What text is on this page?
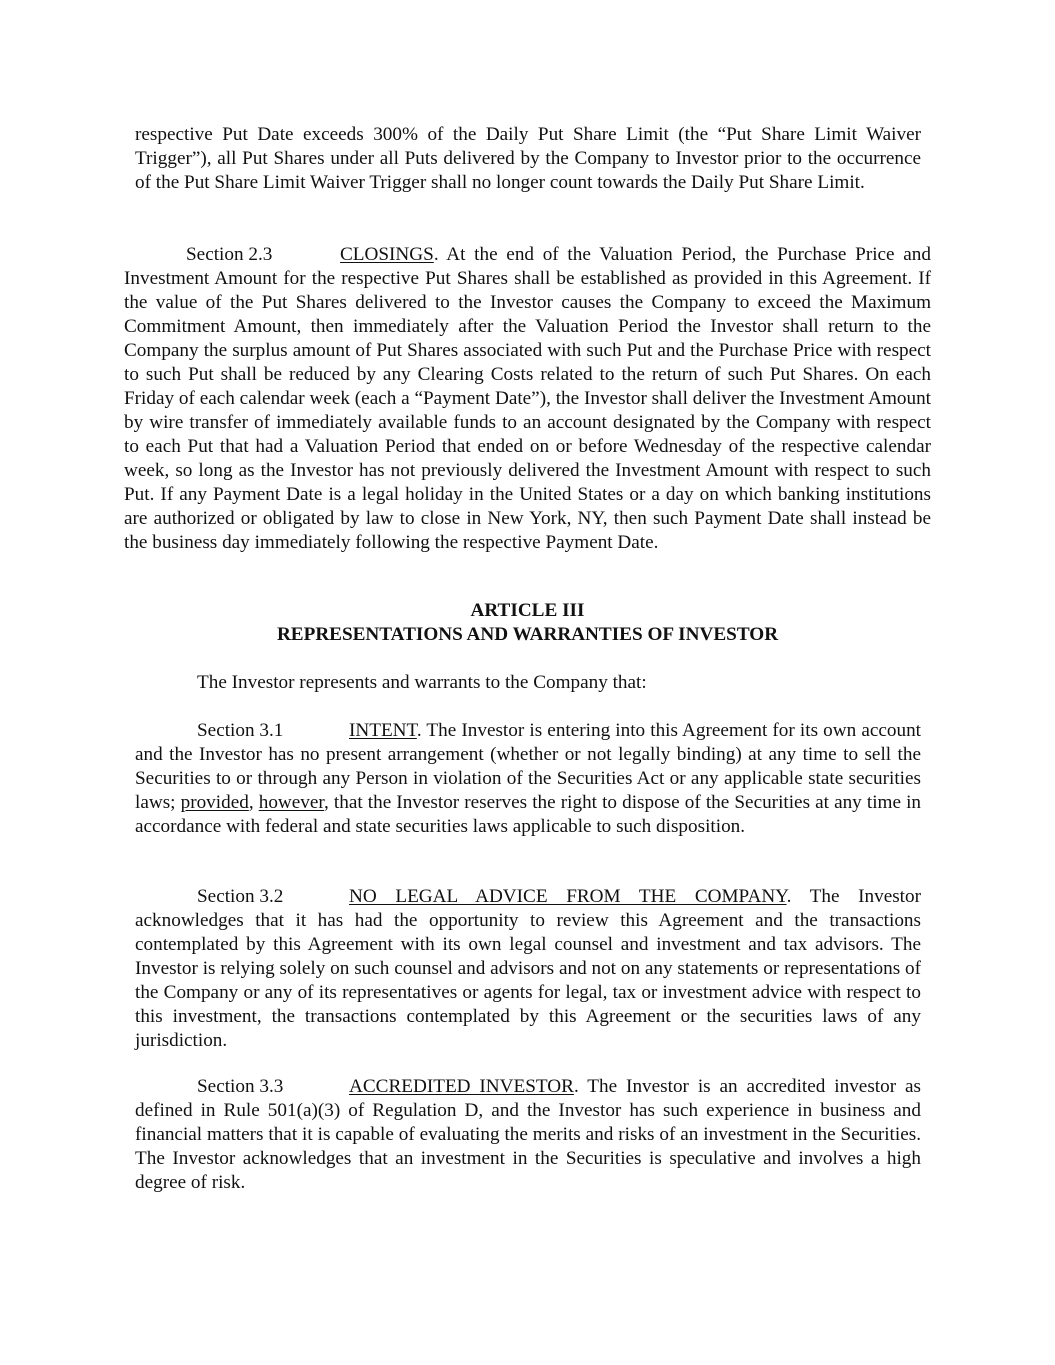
respective Put Date exceeds 300% of the Daily Put Share Limit (the “Put Share Limit Waiver Trigger”), all Put Shares under all Puts delivered by the Company to Investor prior to the occurrence of the Put Share Limit Waiver Trigger shall no longer count towards the Daily Put Share Limit.

Section 2.3	CLOSINGS. At the end of the Valuation Period, the Purchase Price and Investment Amount for the respective Put Shares shall be established as provided in this Agreement. If the value of the Put Shares delivered to the Investor causes the Company to exceed the Maximum Commitment Amount, then immediately after the Valuation Period the Investor shall return to the Company the surplus amount of Put Shares associated with such Put and the Purchase Price with respect to such Put shall be reduced by any Clearing Costs related to the return of such Put Shares. On each Friday of each calendar week (each a “Payment Date”), the Investor shall deliver the Investment Amount by wire transfer of immediately available funds to an account designated by the Company with respect to each Put that had a Valuation Period that ended on or before Wednesday of the respective calendar week, so long as the Investor has not previously delivered the Investment Amount with respect to such Put. If any Payment Date is a legal holiday in the United States or a day on which banking institutions are authorized or obligated by law to close in New York, NY, then such Payment Date shall instead be the business day immediately following the respective Payment Date.

ARTICLE III

REPRESENTATIONS AND WARRANTIES OF INVESTOR

The Investor represents and warrants to the Company that:

Section 3.1	INTENT. The Investor is entering into this Agreement for its own account and the Investor has no present arrangement (whether or not legally binding) at any time to sell the Securities to or through any Person in violation of the Securities Act or any applicable state securities laws; provided, however, that the Investor reserves the right to dispose of the Securities at any time in accordance with federal and state securities laws applicable to such disposition.

Section 3.2	NO LEGAL ADVICE FROM THE COMPANY. The Investor acknowledges that it has had the opportunity to review this Agreement and the transactions contemplated by this Agreement with its own legal counsel and investment and tax advisors. The Investor is relying solely on such counsel and advisors and not on any statements or representations of the Company or any of its representatives or agents for legal, tax or investment advice with respect to this investment, the transactions contemplated by this Agreement or the securities laws of any jurisdiction.

Section 3.3	ACCREDITED INVESTOR. The Investor is an accredited investor as defined in Rule 501(a)(3) of Regulation D, and the Investor has such experience in business and financial matters that it is capable of evaluating the merits and risks of an investment in the Securities. The Investor acknowledges that an investment in the Securities is speculative and involves a high degree of risk.
